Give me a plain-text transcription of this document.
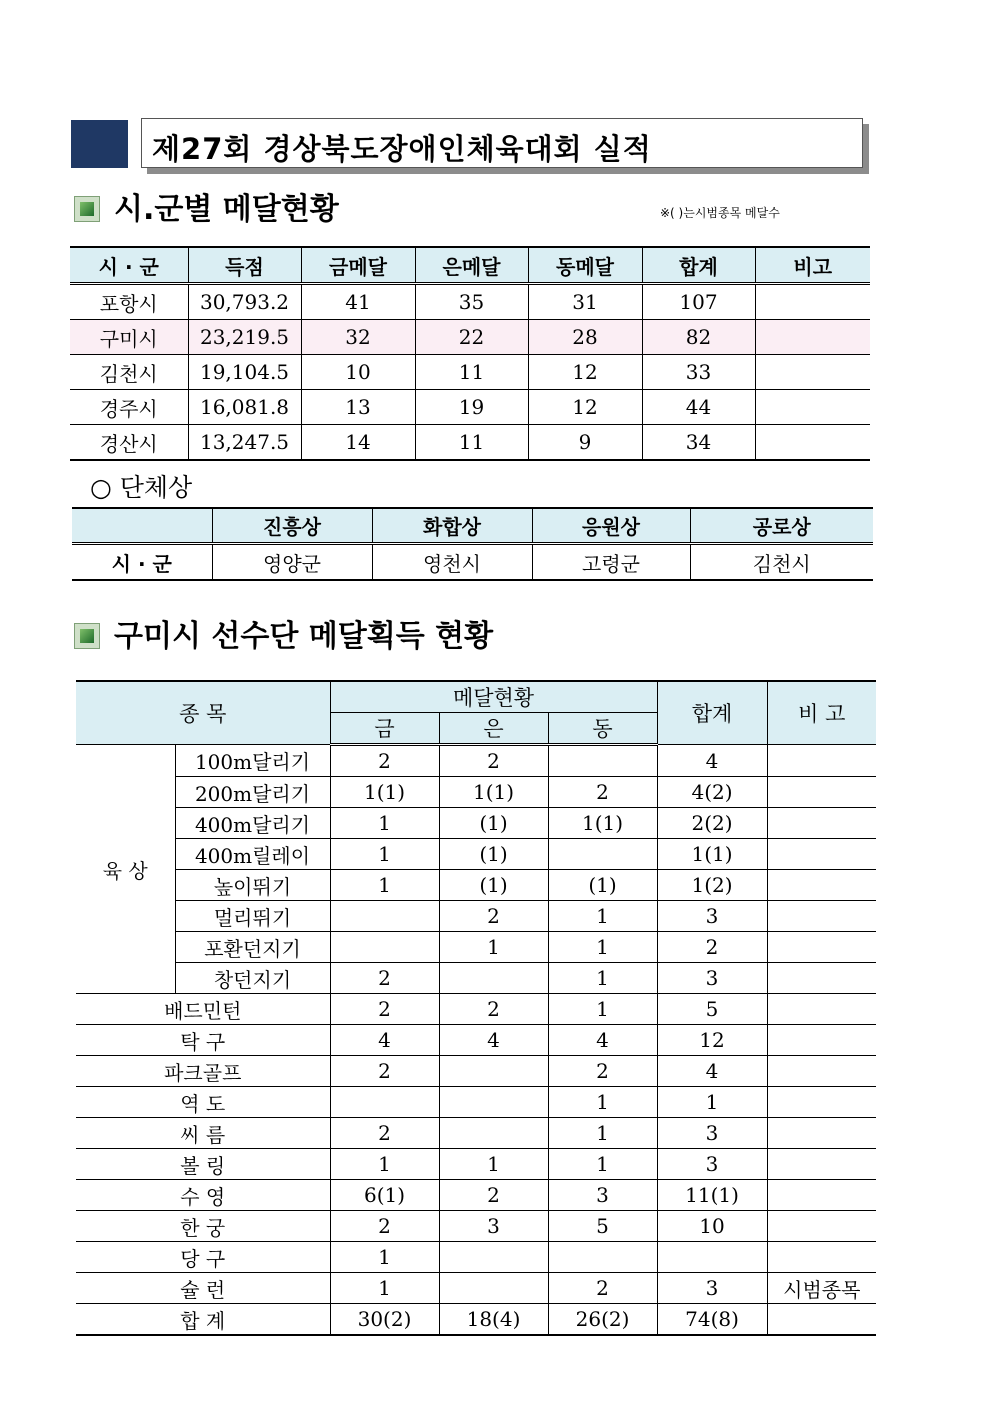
제27회 경상북도장애인체육대회 실적
시.군별 메달현황	※( )는시범종목 메달수
시 · 군	득점	금메달	은메달	동메달	합계	비고
포항시	30,793.2	41	35	31	107	
구미시	23,219.5	32	22	28	82	
김천시	19,104.5	10	11	12	33	
경주시	16,081.8	13	19	12	44	
경산시	13,247.5	14	11	9	34	
○ 단체상
	진흥상	화합상	응원상	공로상
시 · 군	영양군	영천시	고령군	김천시
구미시 선수단 메달획득 현황
종 목		메달현황			합계	비 고
		금	은	동		
육 상	100m달리기	2	2		4	
	200m달리기	1(1)	1(1)	2	4(2)	
	400m달리기	1	(1)	1(1)	2(2)	
	400m릴레이	1	(1)		1(1)	
	높이뛰기	1	(1)	(1)	1(2)	
	멀리뛰기		2	1	3	
	포환던지기		1	1	2	
	창던지기	2		1	3	
배드민턴		2	2	1	5	
탁 구		4	4	4	12	
파크골프		2		2	4	
역 도				1	1	
씨 름		2		1	3	
볼 링		1	1	1	3	
수 영		6(1)	2	3	11(1)	
한 궁		2	3	5	10	
당 구		1				
슐 런		1		2	3	시범종목
합 계		30(2)	18(4)	26(2)	74(8)	
